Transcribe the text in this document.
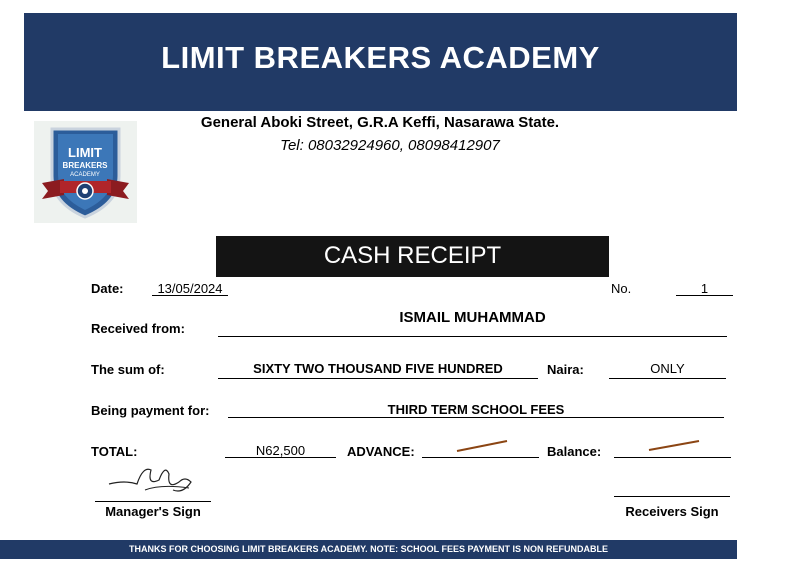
LIMIT BREAKERS ACADEMY
LIMIT
BREAKERS
ACADEMY
General Aboki Street, G.R.A Keffi, Nasarawa State.
Tel: 08032924960, 08098412907
CASH RECEIPT
Date:	13/05/2024	No.	1
Received from:
ISMAIL MUHAMMAD
The sum of:	SIXTY TWO THOUSAND FIVE HUNDRED	Naira:	ONLY
Being payment for:	THIRD TERM SCHOOL FEES
TOTAL:	N62,500	ADVANCE:	Balance:
Manager's Sign	Receivers Sign
THANKS FOR CHOOSING LIMIT BREAKERS ACADEMY. NOTE: SCHOOL FEES PAYMENT IS NON REFUNDABLE
